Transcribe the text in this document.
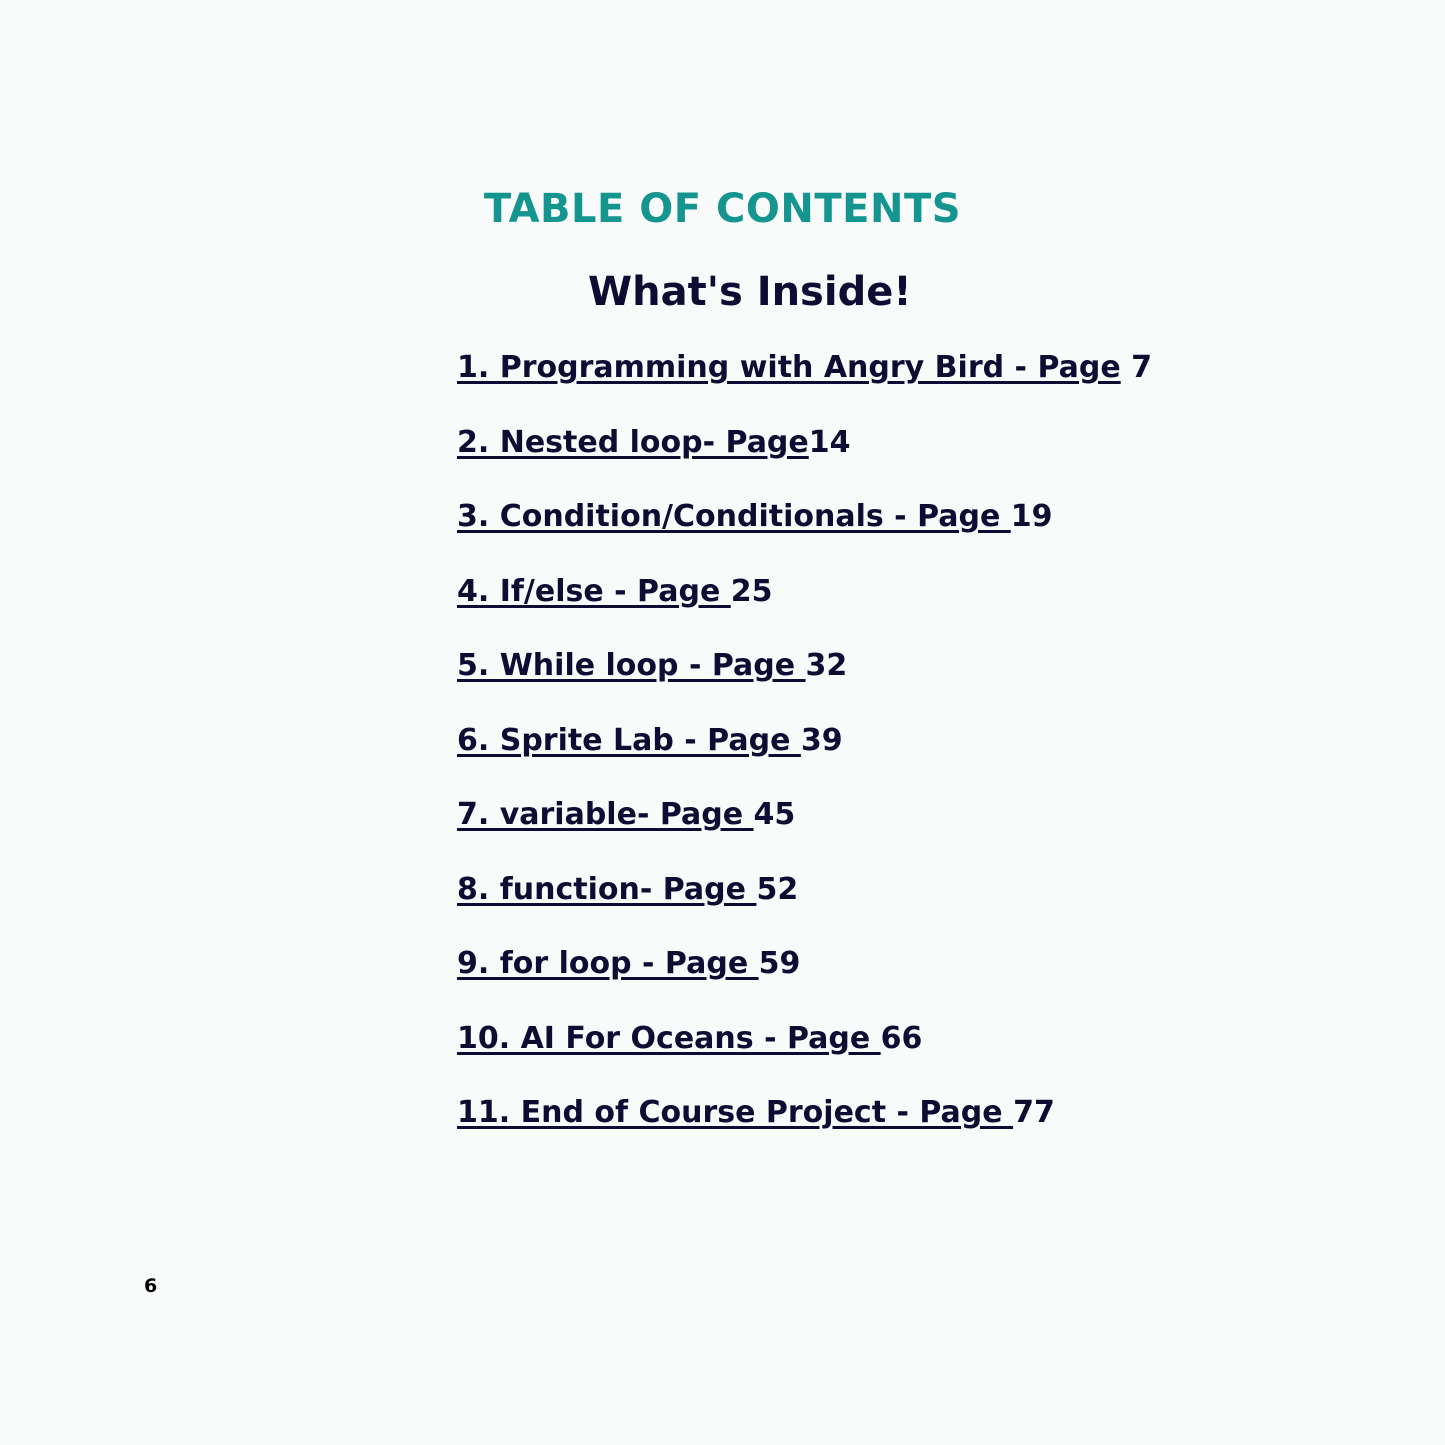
TABLE OF CONTENTS
What's Inside!
1. Programming with Angry Bird - Page 7
2. Nested loop- Page14
3. Condition/Conditionals - Page 19
4. If/else - Page 25
5. While loop - Page 32
6. Sprite Lab - Page 39
7. variable- Page 45
8. function- Page 52
9. for loop - Page 59
10. AI For Oceans - Page 66
11. End of Course Project - Page 77
6
